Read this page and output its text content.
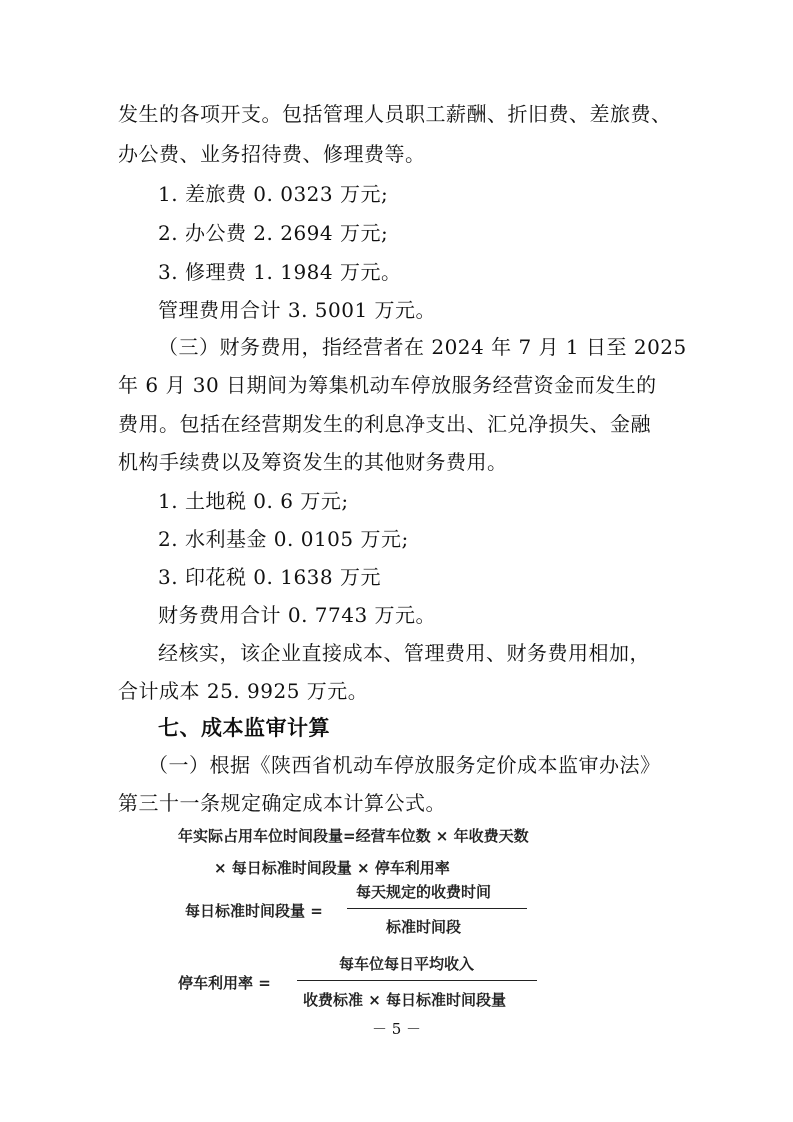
发生的各项开支。包括管理人员职工薪酬、折旧费、差旅费、
办公费、业务招待费、修理费等。
1. 差旅费 0. 0323 万元;
2. 办公费 2. 2694 万元;
3. 修理费 1. 1984 万元。
管理费用合计 3. 5001 万元。
（三）财务费用，指经营者在 2024 年 7 月 1 日至 2025
年 6 月 30 日期间为筹集机动车停放服务经营资金而发生的
费用。包括在经营期发生的利息净支出、汇兑净损失、金融
机构手续费以及筹资发生的其他财务费用。
1. 土地税 0. 6 万元;
2. 水利基金 0. 0105 万元;
3. 印花税 0. 1638 万元
财务费用合计 0. 7743 万元。
经核实，该企业直接成本、管理费用、财务费用相加，
合计成本 25. 9925 万元。
七、成本监审计算
（一）根据《陕西省机动车停放服务定价成本监审办法》
第三十一条规定确定成本计算公式。
年实际占用车位时间段量=经营车位数 × 年收费天数
× 每日标准时间段量 × 停车利用率
每日标准时间段量 =
每天规定的收费时间
标准时间段
停车利用率 =
每车位每日平均收入
收费标准 × 每日标准时间段量
－ 5 －
